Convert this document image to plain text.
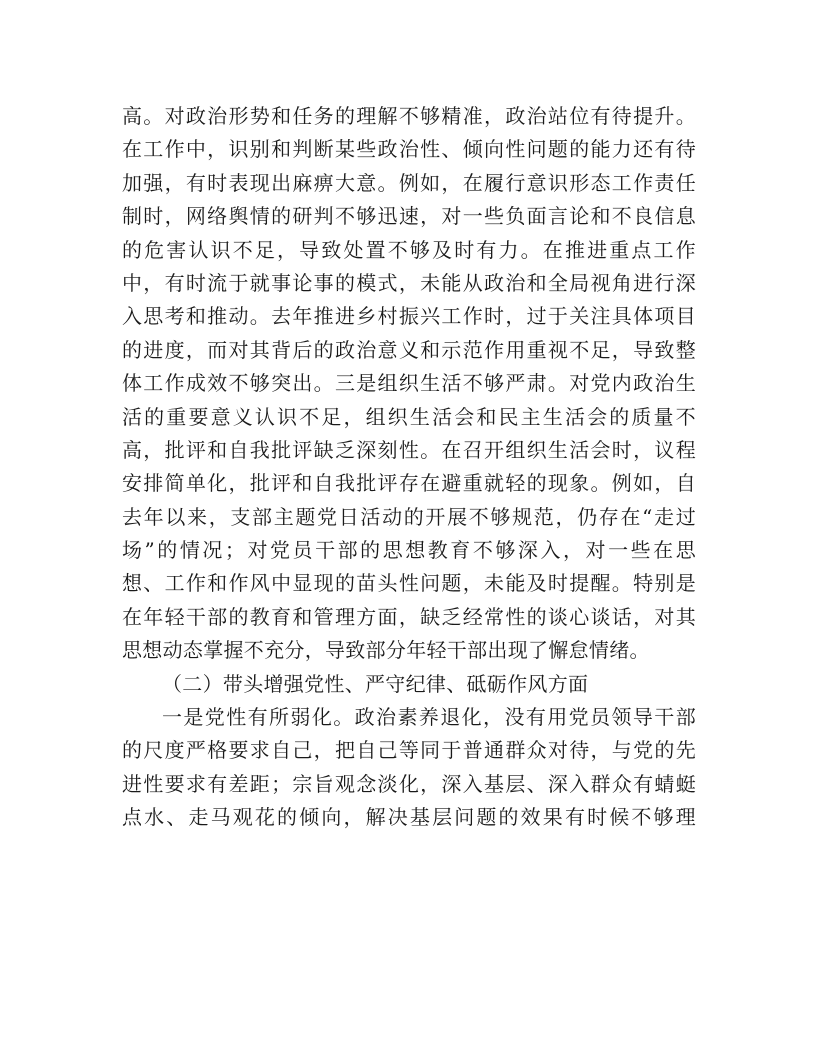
高。对政治形势和任务的理解不够精准，政治站位有待提升。
在工作中，识别和判断某些政治性、倾向性问题的能力还有待
加强，有时表现出麻痹大意。例如，在履行意识形态工作责任
制时，网络舆情的研判不够迅速，对一些负面言论和不良信息
的危害认识不足，导致处置不够及时有力。在推进重点工作
中，有时流于就事论事的模式，未能从政治和全局视角进行深
入思考和推动。去年推进乡村振兴工作时，过于关注具体项目
的进度，而对其背后的政治意义和示范作用重视不足，导致整
体工作成效不够突出。三是组织生活不够严肃。对党内政治生
活的重要意义认识不足，组织生活会和民主生活会的质量不
高，批评和自我批评缺乏深刻性。在召开组织生活会时，议程
安排简单化，批评和自我批评存在避重就轻的现象。例如，自
去年以来，支部主题党日活动的开展不够规范，仍存在“走过
场”的情况；对党员干部的思想教育不够深入，对一些在思
想、工作和作风中显现的苗头性问题，未能及时提醒。特别是
在年轻干部的教育和管理方面，缺乏经常性的谈心谈话，对其
思想动态掌握不充分，导致部分年轻干部出现了懈怠情绪。
（二）带头增强党性、严守纪律、砥砺作风方面
一是党性有所弱化。政治素养退化，没有用党员领导干部
的尺度严格要求自己，把自己等同于普通群众对待，与党的先
进性要求有差距；宗旨观念淡化，深入基层、深入群众有蜻蜓
点水、走马观花的倾向，解决基层问题的效果有时候不够理
